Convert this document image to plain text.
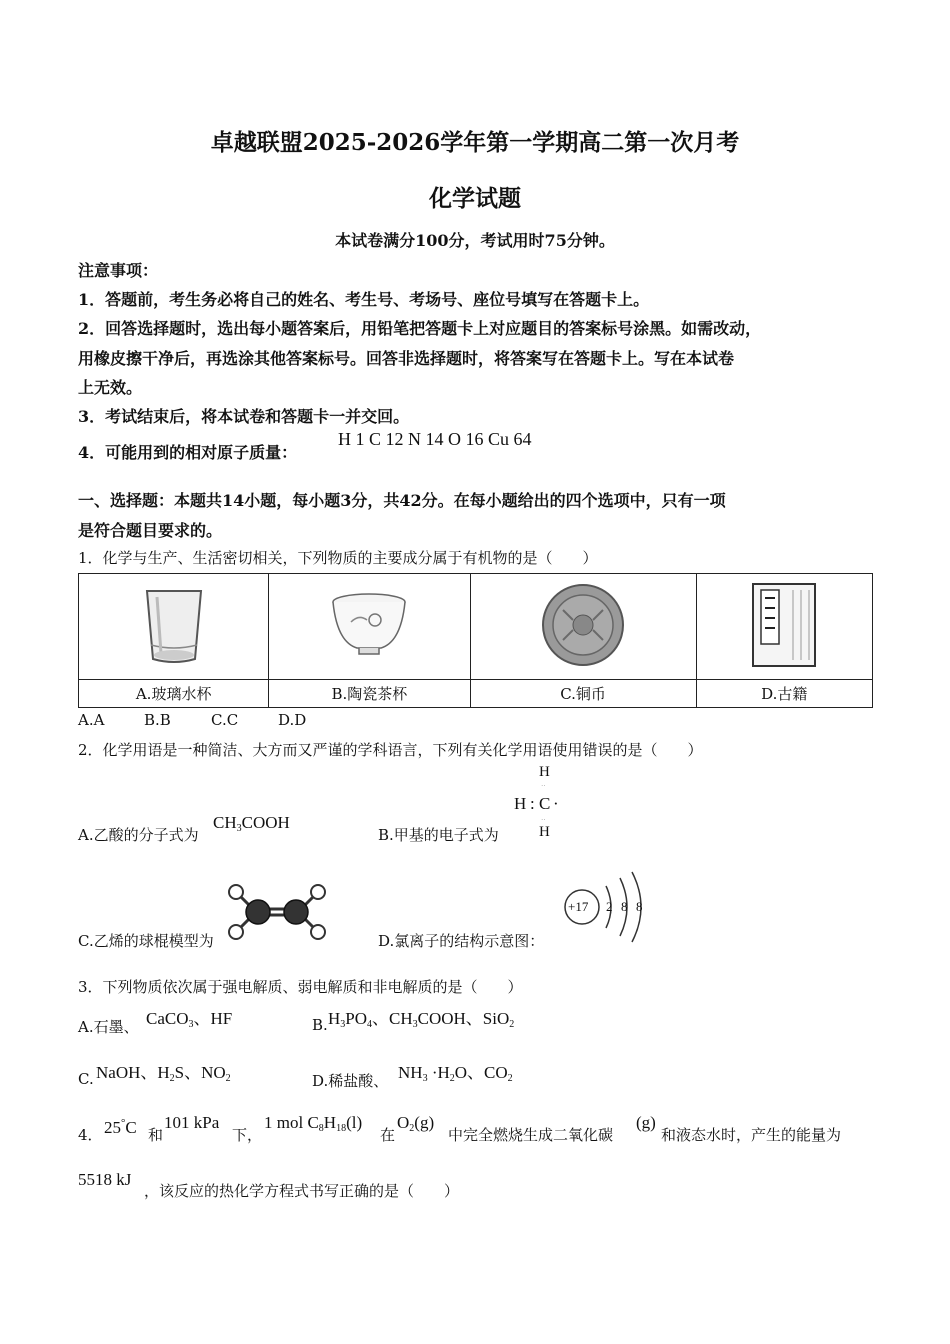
卓越联盟2025-2026学年第一学期高二第一次月考
化学试题
本试卷满分100分，考试用时75分钟。
注意事项：
1．答题前，考生务必将自己的姓名、考生号、考场号、座位号填写在答题卡上。
2．回答选择题时，选出每小题答案后，用铅笔把答题卡上对应题目的答案标号涂黑。如需改动，
用橡皮擦干净后，再选涂其他答案标号。回答非选择题时，将答案写在答题卡上。写在本试卷
上无效。
3．考试结束后，将本试卷和答题卡一并交回。
4．可能用到的相对原子质量：
H 1 C 12 N 14 O 16 Cu 64
一、选择题：本题共14小题，每小题3分，共42分。在每小题给出的四个选项中，只有一项
是符合题目要求的。
1．化学与生产、生活密切相关，下列物质的主要成分属于有机物的是（　　）

A.玻璃水杯	B.陶瓷茶杯	C.铜币	D.古籍
A.A	B.B	C.C	D.D
2．化学用语是一种简洁、大方而又严谨的学科语言，下列有关化学用语使用错误的是（　　）
A.乙酸的分子式为
$CH_3COOH$
B.甲基的电子式为
H
H : C ·
··
··
H
C.乙烯的球棍模型为	D.氯离子的结构示意图：
+17 2 8 8
3．下列物质依次属于强电解质、弱电解质和非电解质的是（　　）
A.石墨、 CaCO$_3$、HF	B. $H_3PO_4$、$CH_3COOH$、SiO$_2$
C. NaOH、$H_2S$、$NO_2$	D.稀盐酸、 $NH_3 \cdot H_2O$、$CO_2$
4． 25°C 和
101 kPa
下，
1 mol $C_8H_{18}(l)$
在
$O_2(g)$
中完全燃烧生成二氧化碳
(g)
和液态水时，产生的能量为
5518 kJ
，该反应的热化学方程式书写正确的是（　　）
